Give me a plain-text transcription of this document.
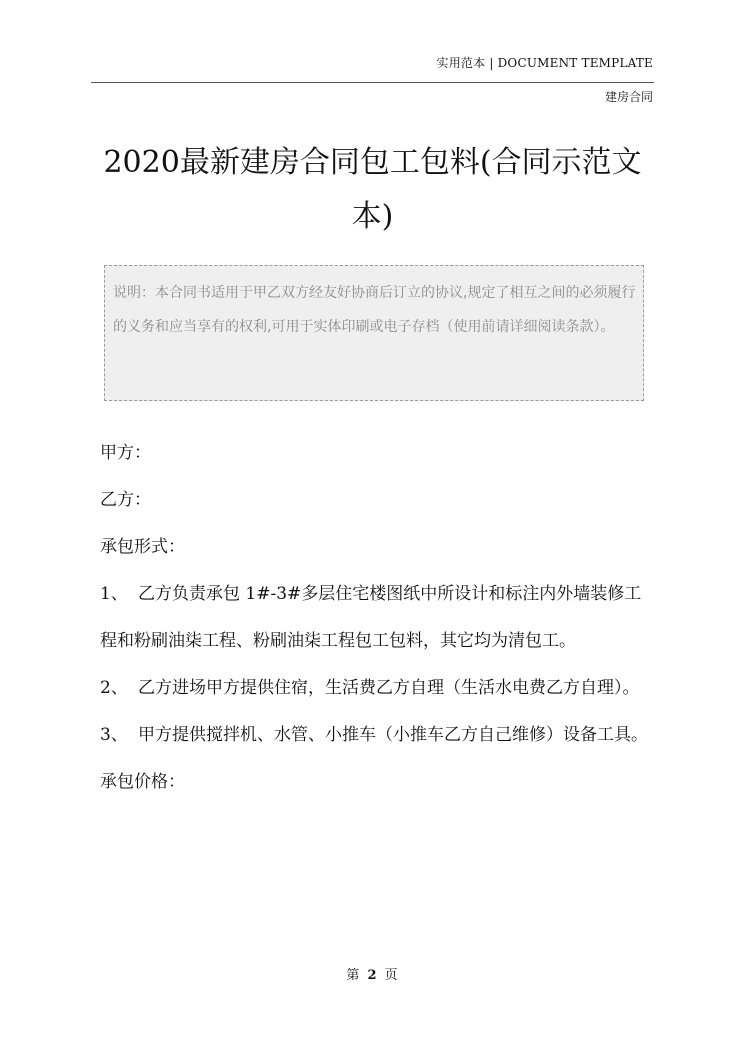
实用范本 | DOCUMENT TEMPLATE
建房合同
2020最新建房合同包工包料(合同示范文本)
说明：本合同书适用于甲乙双方经友好协商后订立的协议,规定了相互之间的必须履行的义务和应当享有的权利,可用于实体印刷或电子存档（使用前请详细阅读条款）。

甲方：

乙方：

承包形式：

1、 乙方负责承包 1#-3#多层住宅楼图纸中所设计和标注内外墙装修工程和粉刷油柒工程、粉刷油柒工程包工包料，其它均为清包工。

2、 乙方进场甲方提供住宿，生活费乙方自理（生活水电费乙方自理）。

3、 甲方提供搅拌机、水管、小推车（小推车乙方自己维修）设备工具。

承包价格：

第 2 页
